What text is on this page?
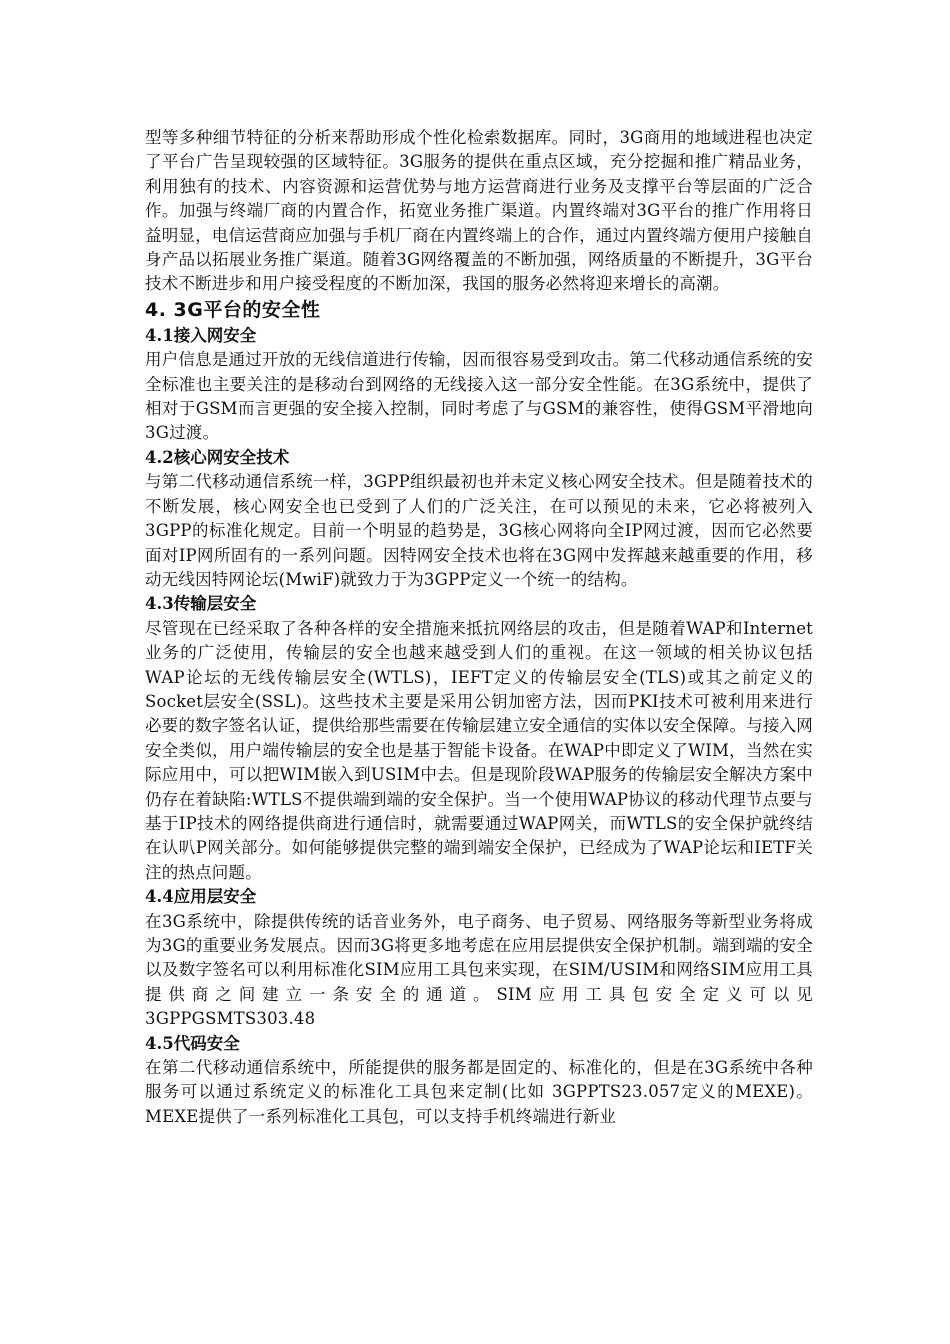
型等多种细节特征的分析来帮助形成个性化检索数据库。同时，3G商用的地域进程也决定了平台广告呈现较强的区域特征。3G服务的提供在重点区域，充分挖掘和推广精品业务，利用独有的技术、内容资源和运营优势与地方运营商进行业务及支撑平台等层面的广泛合作。加强与终端厂商的内置合作，拓宽业务推广渠道。内置终端对3G平台的推广作用将日益明显，电信运营商应加强与手机厂商在内置终端上的合作，通过内置终端方便用户接触自身产品以拓展业务推广渠道。随着3G网络覆盖的不断加强，网络质量的不断提升，3G平台技术不断进步和用户接受程度的不断加深，我国的服务必然将迎来增长的高潮。

4. 3G平台的安全性
4.1接入网安全

用户信息是通过开放的无线信道进行传输，因而很容易受到攻击。第二代移动通信系统的安全标准也主要关注的是移动台到网络的无线接入这一部分安全性能。在3G系统中，提供了相对于GSM而言更强的安全接入控制，同时考虑了与GSM的兼容性，使得GSM平滑地向3G过渡。

4.2核心网安全技术

与第二代移动通信系统一样，3GPP组织最初也并未定义核心网安全技术。但是随着技术的不断发展，核心网安全也已受到了人们的广泛关注，在可以预见的未来，它必将被列入3GPP的标准化规定。目前一个明显的趋势是，3G核心网将向全IP网过渡，因而它必然要面对IP网所固有的一系列问题。因特网安全技术也将在3G网中发挥越来越重要的作用，移动无线因特网论坛(MwiF)就致力于为3GPP定义一个统一的结构。

4.3传输层安全

尽管现在已经采取了各种各样的安全措施来抵抗网络层的攻击，但是随着WAP和Internet业务的广泛使用，传输层的安全也越来越受到人们的重视。在这一领域的相关协议包括WAP论坛的无线传输层安全(WTLS)，IEFT定义的传输层安全(TLS)或其之前定义的Socket层安全(SSL)。这些技术主要是采用公钥加密方法，因而PKI技术可被利用来进行必要的数字签名认证，提供给那些需要在传输层建立安全通信的实体以安全保障。与接入网安全类似，用户端传输层的安全也是基于智能卡设备。在WAP中即定义了WIM，当然在实际应用中，可以把WIM嵌入到USIM中去。但是现阶段WAP服务的传输层安全解决方案中仍存在着缺陷:WTLS不提供端到端的安全保护。当一个使用WAP协议的移动代理节点要与基于IP技术的网络提供商进行通信时，就需要通过WAP网关，而WTLS的安全保护就终结在认叭P网关部分。如何能够提供完整的端到端安全保护，已经成为了WAP论坛和IETF关注的热点问题。

4.4应用层安全

在3G系统中，除提供传统的话音业务外，电子商务、电子贸易、网络服务等新型业务将成为3G的重要业务发展点。因而3G将更多地考虑在应用层提供安全保护机制。端到端的安全以及数字签名可以利用标准化SIM应用工具包来实现，在SIM/USIM和网络SIM应用工具提供商之间建立一条安全的通道。SIM应用工具包安全定义可以见　3GPPGSMTS303.48

4.5代码安全

在第二代移动通信系统中，所能提供的服务都是固定的、标准化的，但是在3G系统中各种服务可以通过系统定义的标准化工具包来定制(比如 3GPPTS23.057定义的MEXE)。MEXE提供了一系列标准化工具包，可以支持手机终端进行新业
